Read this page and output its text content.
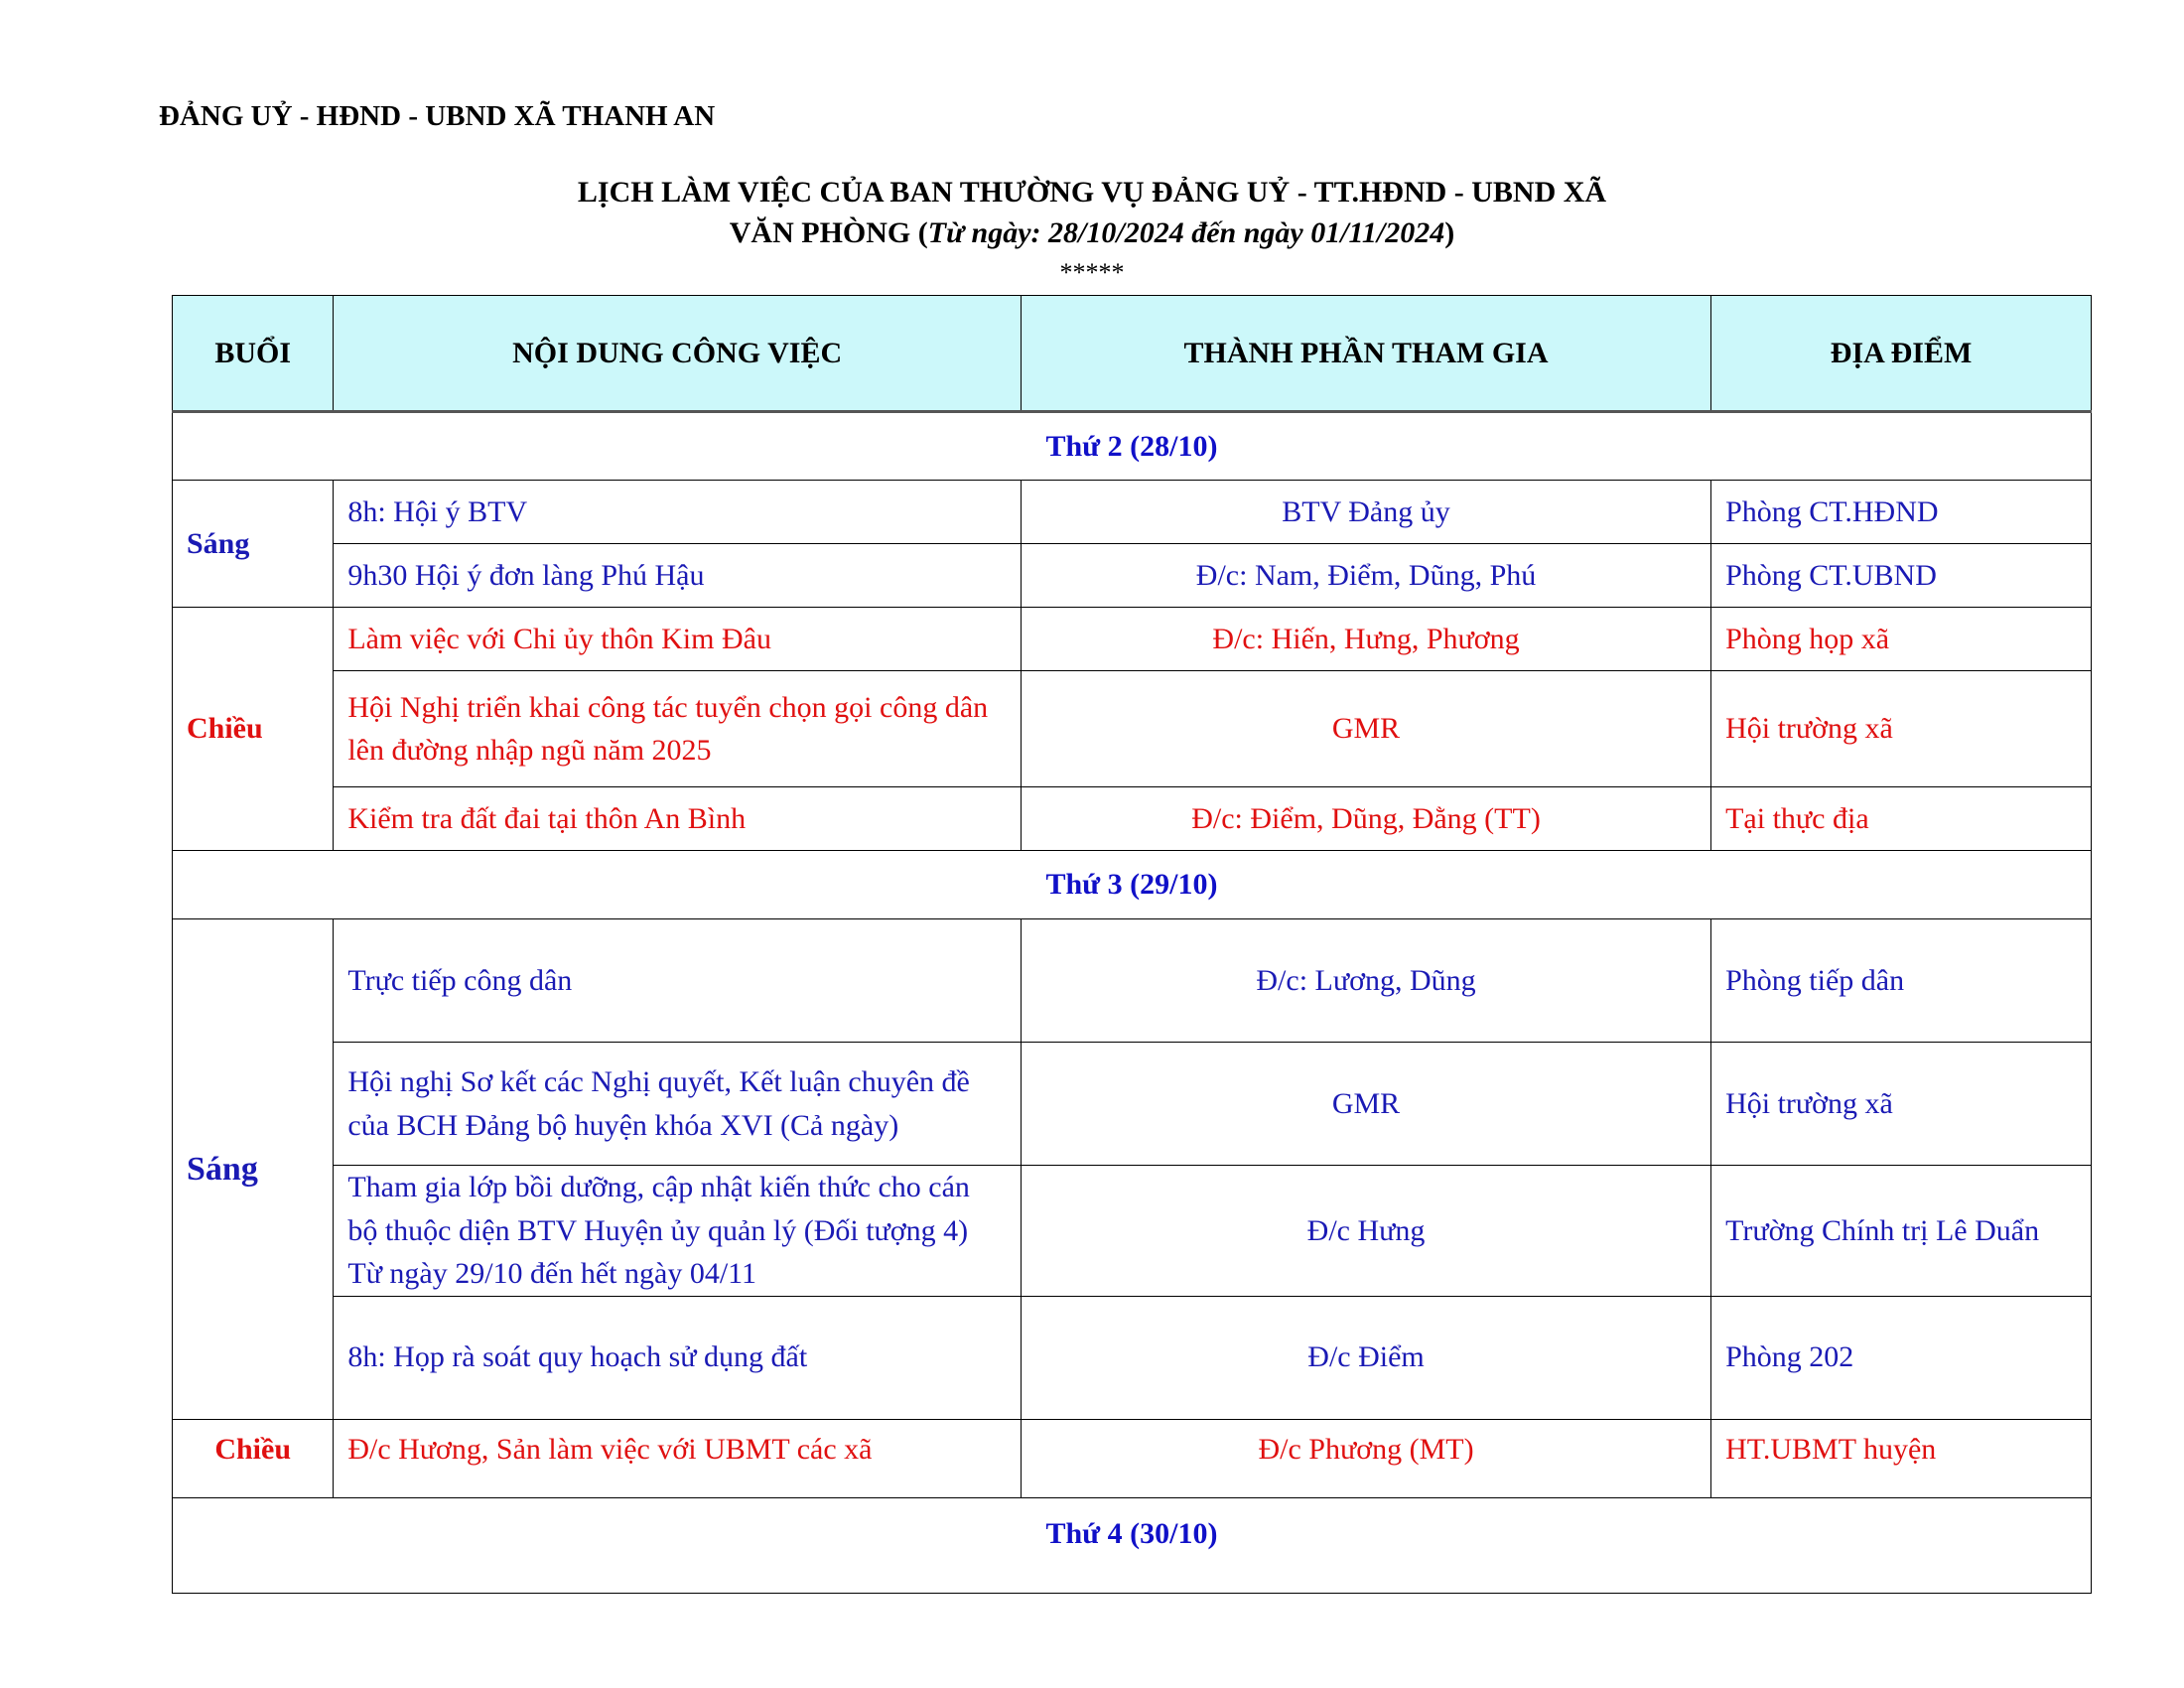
ĐẢNG UỶ - HĐND - UBND XÃ THANH AN
LỊCH LÀM VIỆC CỦA BAN THƯỜNG VỤ ĐẢNG UỶ - TT.HĐND - UBND XÃ
VĂN PHÒNG (Từ ngày: 28/10/2024 đến ngày 01/11/2024)
*****
BUỔI	NỘI DUNG CÔNG VIỆC	THÀNH PHẦN THAM GIA	ĐỊA ĐIỂM
Thứ 2 (28/10)			
Sáng	8h: Hội ý BTV	BTV Đảng ủy	Phòng CT.HĐND
	9h30 Hội ý đơn làng Phú Hậu	Đ/c: Nam, Điểm, Dũng, Phú	Phòng CT.UBND
Chiều	Làm việc với Chi ủy thôn Kim Đâu	Đ/c: Hiến, Hưng, Phương	Phòng họp xã
	Hội Nghị triển khai công tác tuyển chọn gọi công dân lên đường nhập ngũ năm 2025	GMR	Hội trường xã
	Kiểm tra đất đai tại thôn An Bình	Đ/c: Điểm, Dũng, Đằng (TT)	Tại thực địa
Thứ 3 (29/10)			
Sáng	Trực tiếp công dân	Đ/c: Lương, Dũng	Phòng tiếp dân
	Hội nghị Sơ kết các Nghị quyết, Kết luận chuyên đề của BCH Đảng bộ huyện khóa XVI (Cả ngày)	GMR	Hội trường xã
	Tham gia lớp bồi dưỡng, cập nhật kiến thức cho cán bộ thuộc diện BTV Huyện ủy quản lý (Đối tượng 4) Từ ngày 29/10 đến hết ngày 04/11	Đ/c Hưng	Trường Chính trị Lê Duẩn
	8h: Họp rà soát quy hoạch sử dụng đất	Đ/c Điểm	Phòng 202
Chiều	Đ/c Hương, Sản làm việc với UBMT các xã	Đ/c Phương (MT)	HT.UBMT huyện
Thứ 4 (30/10)			
